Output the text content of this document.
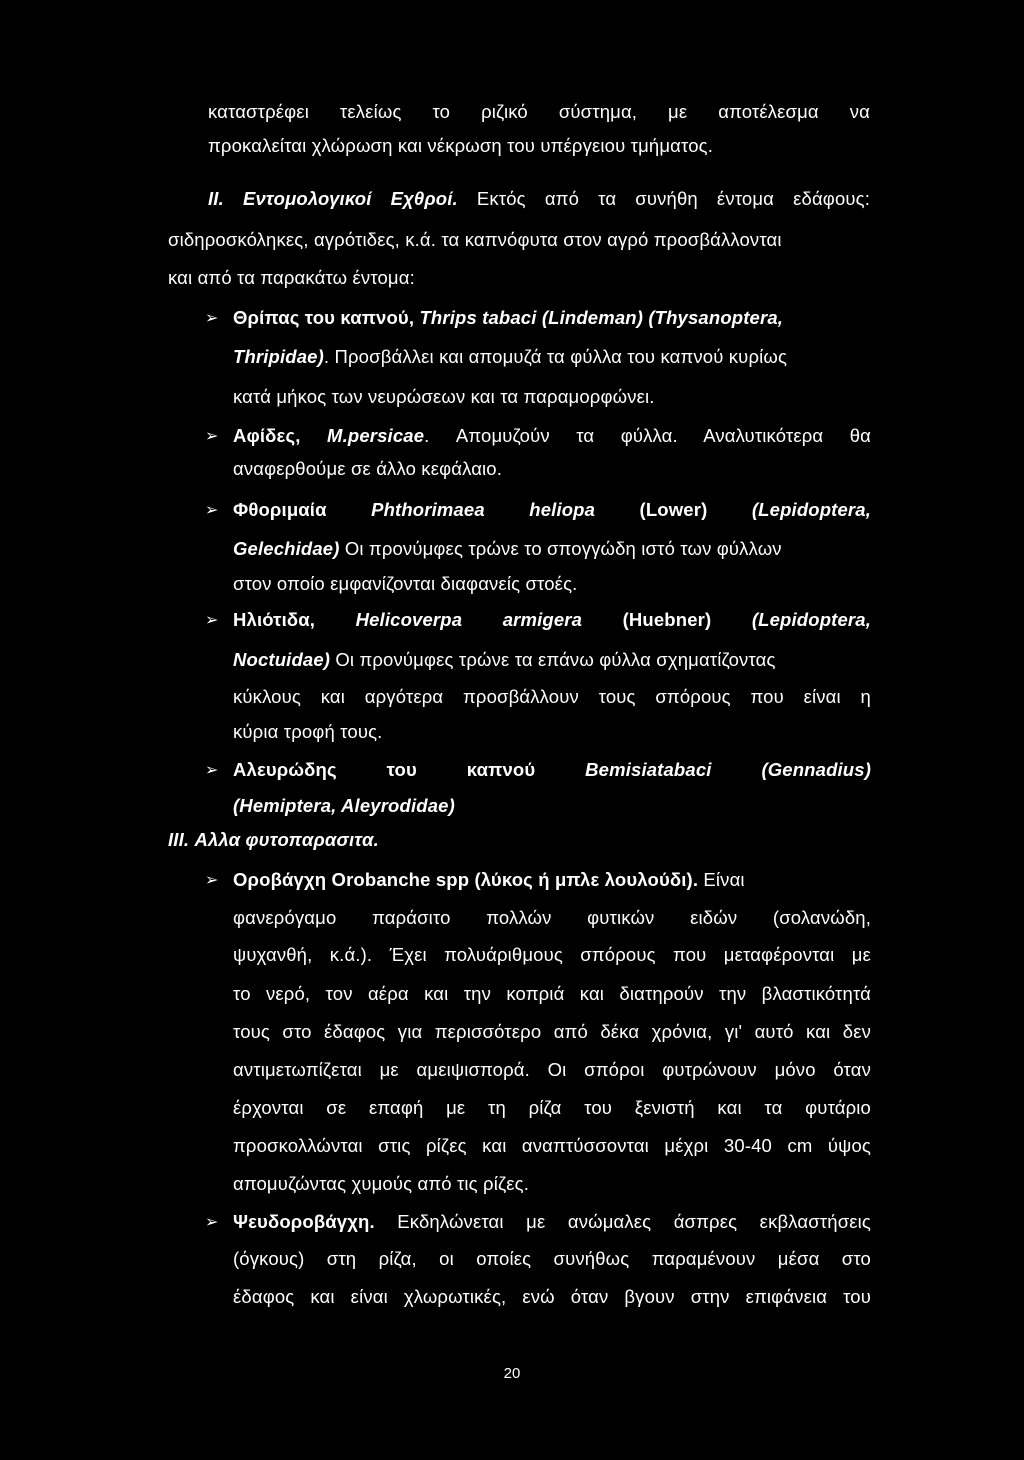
καταστρέφει τελείως το ριζικό σύστημα, με αποτέλεσμα να

προκαλείται χλώρωση και νέκρωση του υπέργειου τμήματος.

II. Εντομολογικοί Εχθροί. Εκτός από τα συνήθη έντομα εδάφους:

σιδηροσκόληκες, αγρότιδες, κ.ά. τα καπνόφυτα στον αγρό προσβάλλονται

και από τα παρακάτω έντομα:

➢ Θρίπας του καπνού, Thrips tabaci (Lindeman) (Thysanoptera,

Thripidae). Προσβάλλει και απομυζά τα φύλλα του καπνού κυρίως

κατά μήκος των νευρώσεων και τα παραμορφώνει.

➢ Αφίδες, M.persicae. Απομυζούν τα φύλλα. Αναλυτικότερα θα

αναφερθούμε σε άλλο κεφάλαιο.

➢ Φθοριμαία Phthorimaea heliopa (Lower) (Lepidoptera,

Gelechidae) Οι προνύμφες τρώνε το σπογγώδη ιστό των φύλλων

στον οποίο εμφανίζονται διαφανείς στοές.

➢ Ηλιότιδα, Helicoverpa armigera (Huebner) (Lepidoptera,

Noctuidae) Οι προνύμφες τρώνε τα επάνω φύλλα σχηματίζοντας

κύκλους και αργότερα προσβάλλουν τους σπόρους που είναι η

κύρια τροφή τους.

➢ Αλευρώδης του καπνού	Bemisiatabaci	(Gennadius)

(Hemiptera, Aleyrodidae)

III. Αλλα φυτοπαρασιτα.

➢ Οροβάγχη Orobanche spp (λύκος ή μπλε λουλούδι). Είναι

φανερόγαμο παράσιτο πολλών φυτικών ειδών (σολανώδη,

ψυχανθή, κ.ά.). Έχει πολυάριθμους σπόρους που μεταφέρονται με

το νερό, τον αέρα και την κοπριά και διατηρούν την βλαστικότητά

τους στο έδαφος για περισσότερο από δέκα χρόνια, γι' αυτό και δεν

αντιμετωπίζεται με αμειψισπορά. Οι σπόροι φυτρώνουν μόνο όταν

έρχονται σε επαφή με τη ρίζα του ξενιστή και τα φυτάριο

προσκολλώνται στις ρίζες και αναπτύσσονται μέχρι 30-40 cm ύψος

απομυζώντας χυμούς από τις ρίζες.

➢ Ψευδοροβάγχη. Εκδηλώνεται με ανώμαλες άσπρες εκβλαστήσεις

(όγκους) στη ρίζα, οι οποίες συνήθως παραμένουν μέσα στο

έδαφος και είναι χλωρωτικές, ενώ όταν βγουν στην επιφάνεια του

20
